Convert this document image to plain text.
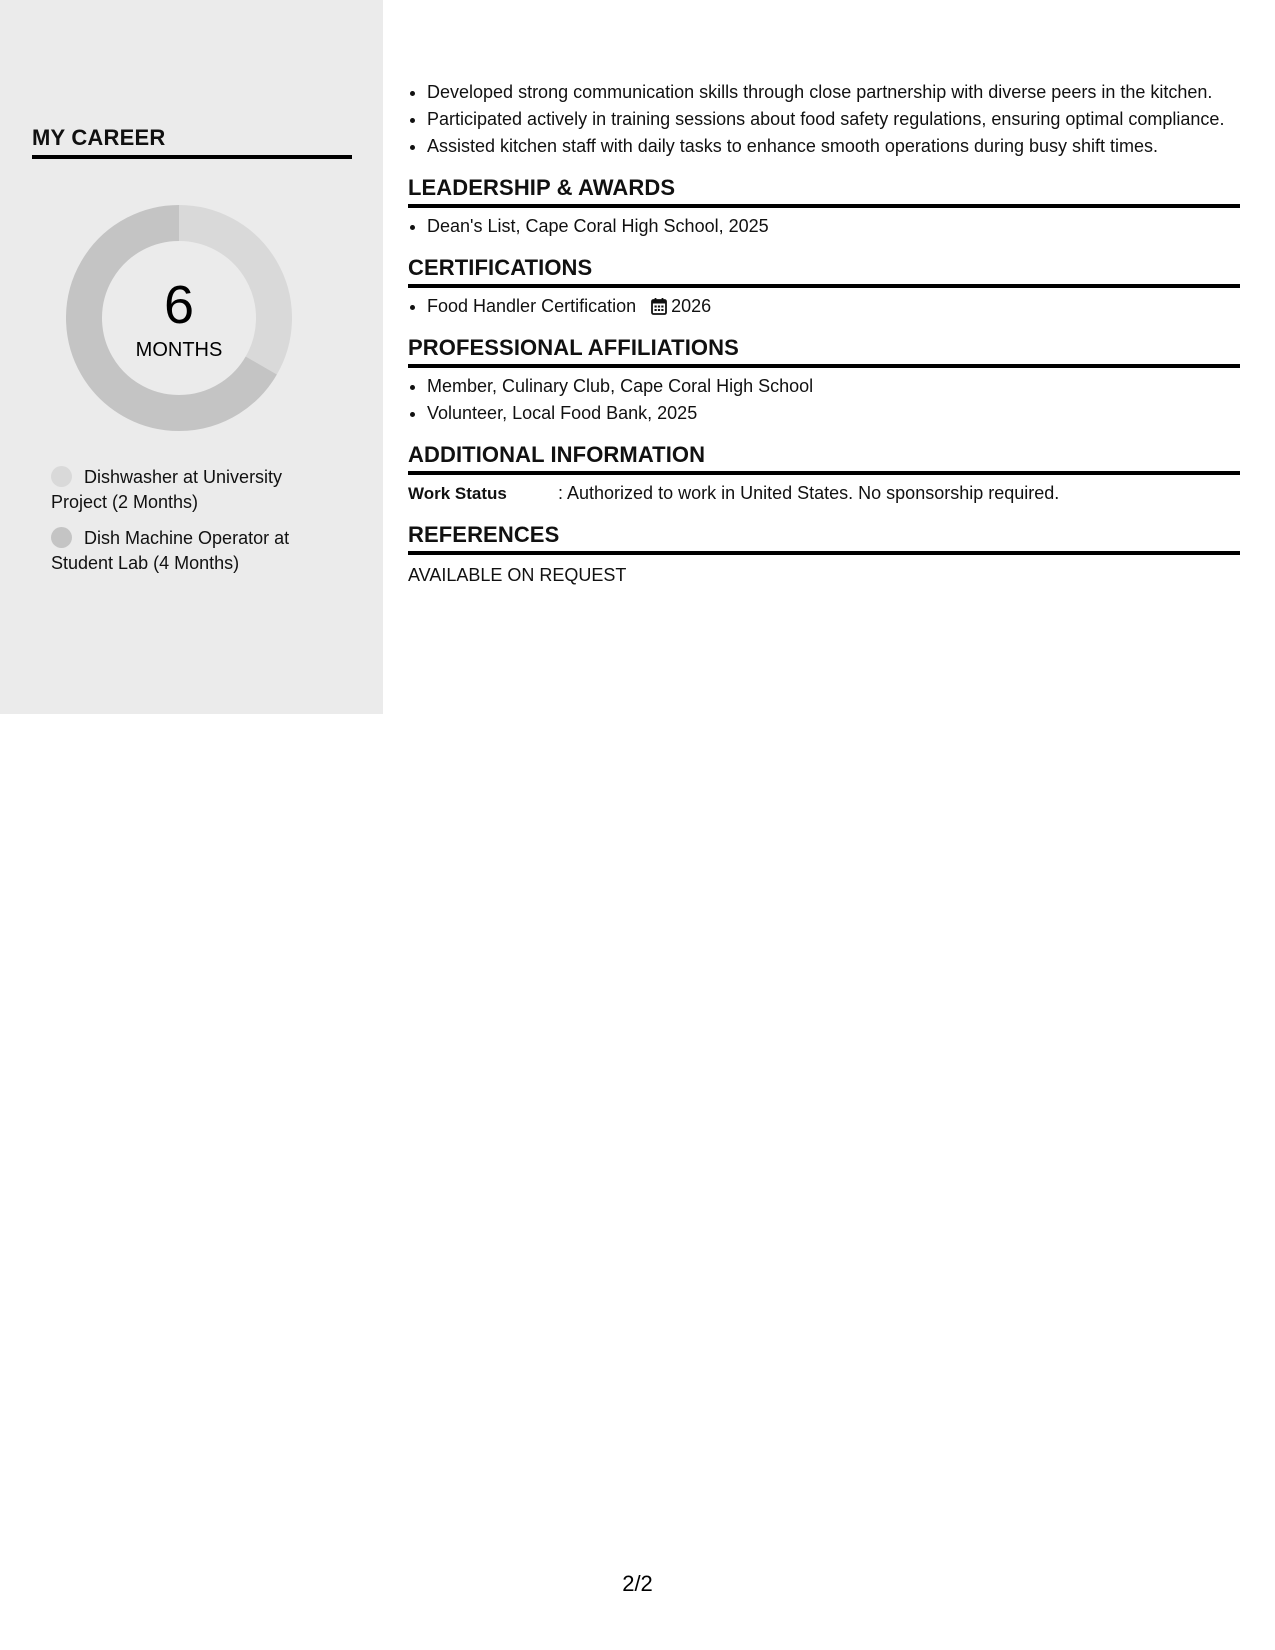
MY CAREER
6
MONTHS
Dishwasher at University Project (2 Months)
Dish Machine Operator at Student Lab (4 Months)
• Developed strong communication skills through close partnership with diverse peers in the kitchen.
• Participated actively in training sessions about food safety regulations, ensuring optimal compliance.
• Assisted kitchen staff with daily tasks to enhance smooth operations during busy shift times.
LEADERSHIP & AWARDS
• Dean's List, Cape Coral High School, 2025
CERTIFICATIONS
• Food Handler Certification 2026
PROFESSIONAL AFFILIATIONS
• Member, Culinary Club, Cape Coral High School
• Volunteer, Local Food Bank, 2025
ADDITIONAL INFORMATION
Work Status	: Authorized to work in United States. No sponsorship required.
REFERENCES
AVAILABLE ON REQUEST
2/2
